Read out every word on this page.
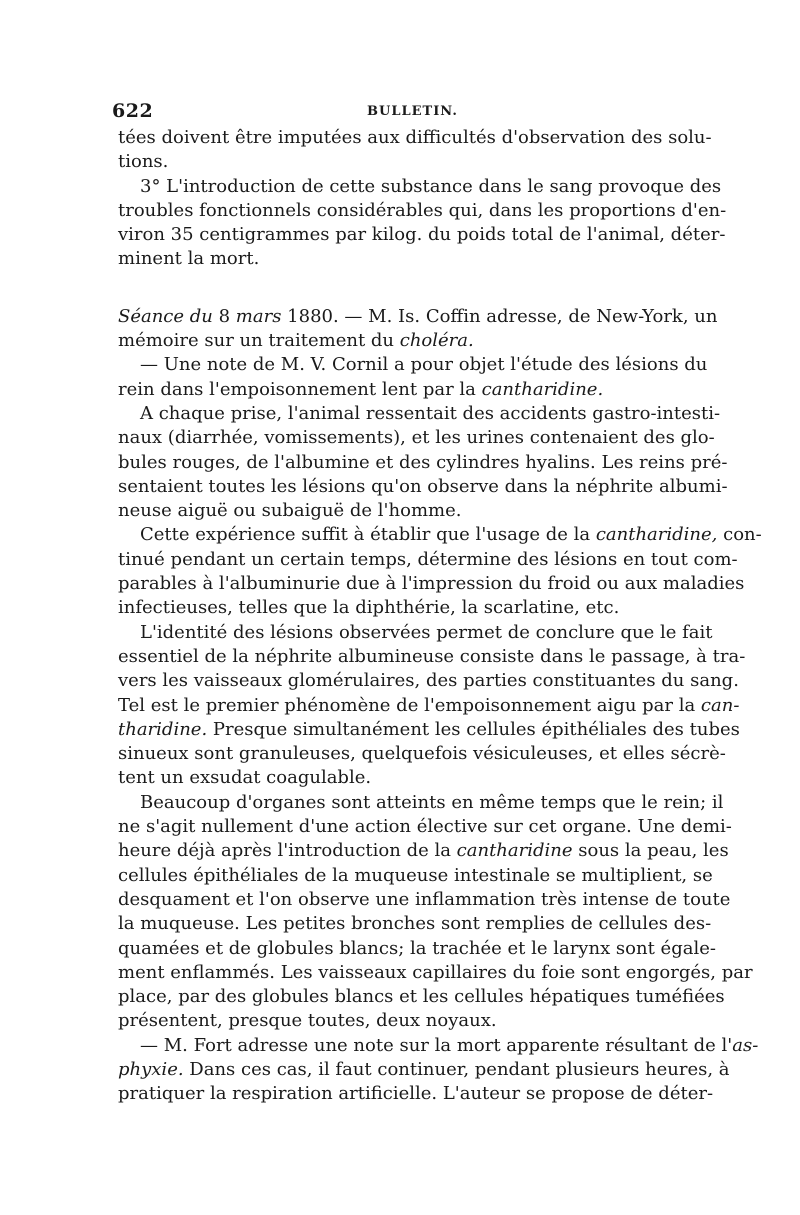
622	BULLETIN.
tées doivent être imputées aux difficultés d'observation des solu-
tions.
3° L'introduction de cette substance dans le sang provoque des
troubles fonctionnels considérables qui, dans les proportions d'en-
viron 35 centigrammes par kilog. du poids total de l'animal, déter-
minent la mort.
Séance du 8 mars 1880. — M. Is. Coffin adresse, de New-York, un
mémoire sur un traitement du choléra.
— Une note de M. V. Cornil a pour objet l'étude des lésions du
rein dans l'empoisonnement lent par la cantharidine.
A chaque prise, l'animal ressentait des accidents gastro-intesti-
naux (diarrhée, vomissements), et les urines contenaient des glo-
bules rouges, de l'albumine et des cylindres hyalins. Les reins pré-
sentaient toutes les lésions qu'on observe dans la néphrite albumi-
neuse aiguë ou subaiguë de l'homme.
Cette expérience suffit à établir que l'usage de la cantharidine, con-
tinué pendant un certain temps, détermine des lésions en tout com-
parables à l'albuminurie due à l'impression du froid ou aux maladies
infectieuses, telles que la diphthérie, la scarlatine, etc.
L'identité des lésions observées permet de conclure que le fait
essentiel de la néphrite albumineuse consiste dans le passage, à tra-
vers les vaisseaux glomérulaires, des parties constituantes du sang.
Tel est le premier phénomène de l'empoisonnement aigu par la can-
tharidine. Presque simultanément les cellules épithéliales des tubes
sinueux sont granuleuses, quelquefois vésiculeuses, et elles sécrè-
tent un exsudat coagulable.
Beaucoup d'organes sont atteints en même temps que le rein; il
ne s'agit nullement d'une action élective sur cet organe. Une demi-
heure déjà après l'introduction de la cantharidine sous la peau, les
cellules épithéliales de la muqueuse intestinale se multiplient, se
desquament et l'on observe une inflammation très intense de toute
la muqueuse. Les petites bronches sont remplies de cellules des-
quamées et de globules blancs; la trachée et le larynx sont égale-
ment enflammés. Les vaisseaux capillaires du foie sont engorgés, par
place, par des globules blancs et les cellules hépatiques tuméfiées
présentent, presque toutes, deux noyaux.
— M. Fort adresse une note sur la mort apparente résultant de l'as-
phyxie. Dans ces cas, il faut continuer, pendant plusieurs heures, à
pratiquer la respiration artificielle. L'auteur se propose de déter-
